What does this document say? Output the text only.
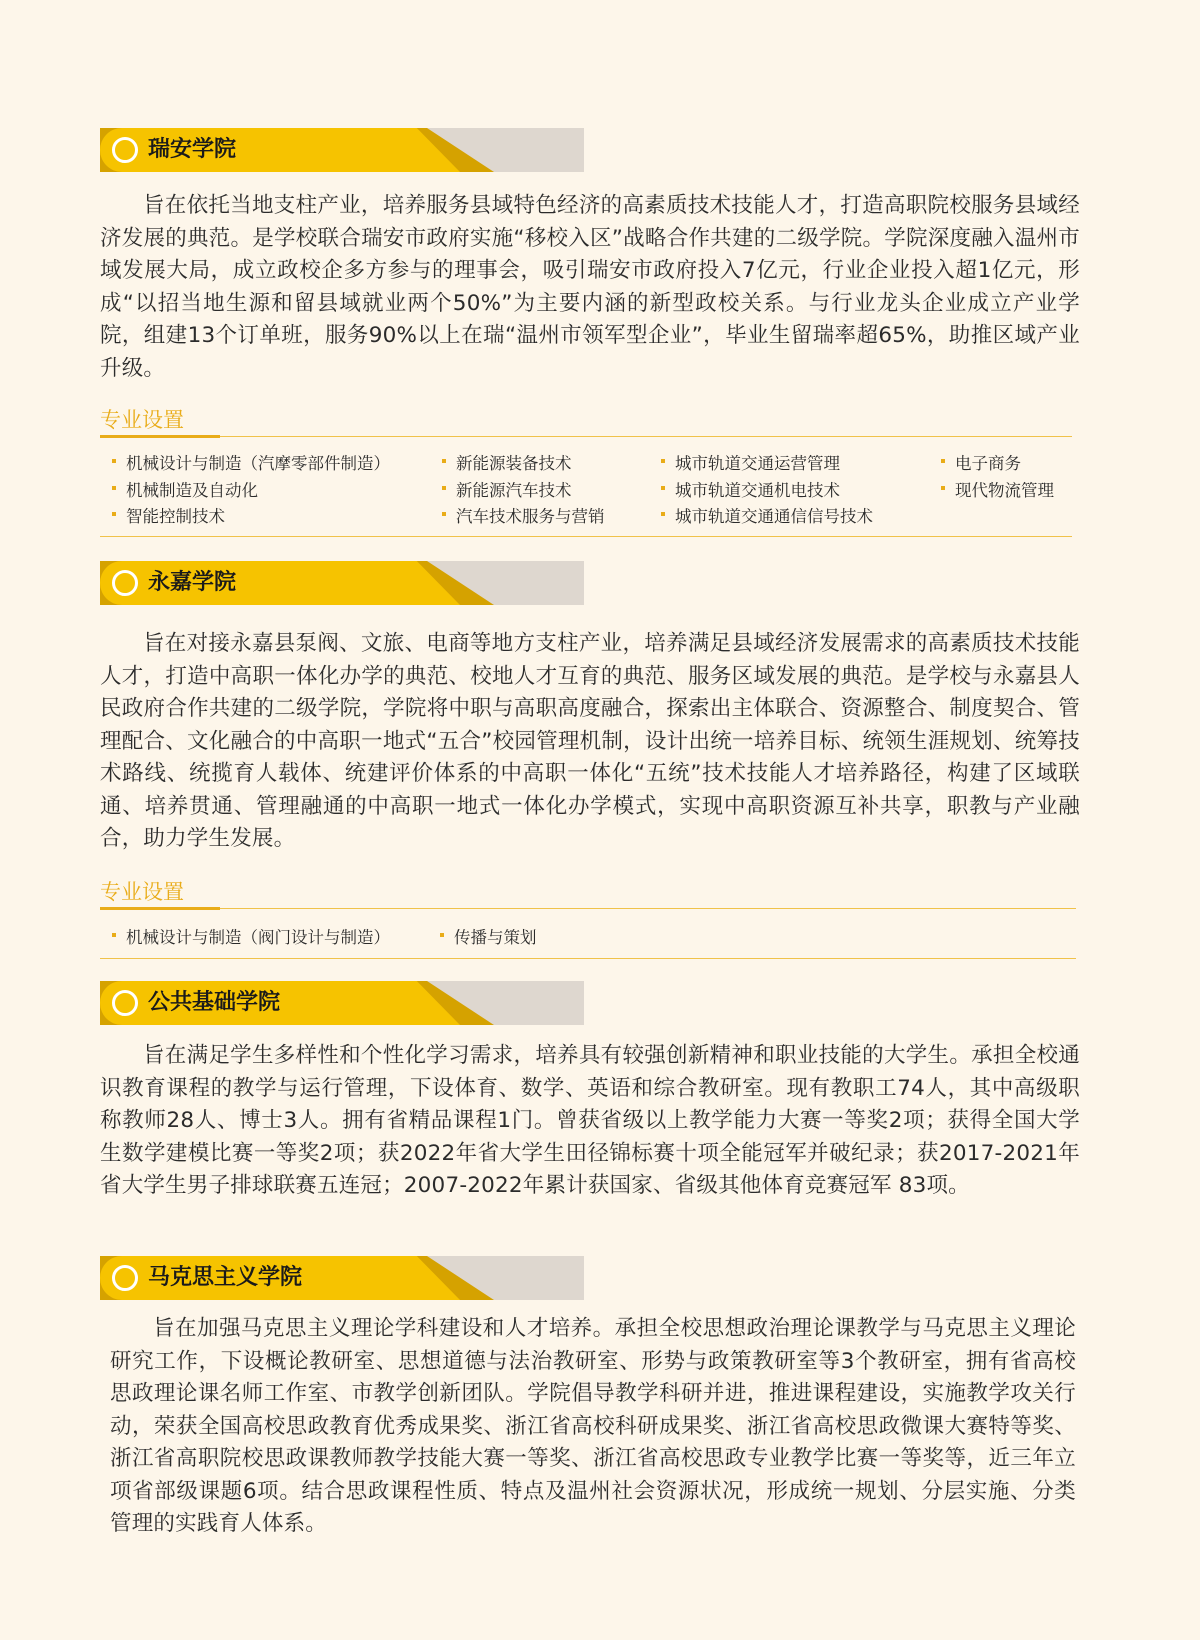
瑞安学院

旨在依托当地支柱产业，培养服务县域特色经济的高素质技术技能人才，打造高职院校服务县域经济发展的典范。是学校联合瑞安市政府实施“移校入区”战略合作共建的二级学院。学院深度融入温州市域发展大局，成立政校企多方参与的理事会，吸引瑞安市政府投入7亿元，行业企业投入超1亿元，形成“以招当地生源和留县域就业两个50%”为主要内涵的新型政校关系。与行业龙头企业成立产业学院，组建13个订单班，服务90%以上在瑞“温州市领军型企业”，毕业生留瑞率超65%，助推区域产业升级。

专业设置
机械设计与制造（汽摩零部件制造）
机械制造及自动化
智能控制技术
新能源装备技术
新能源汽车技术
汽车技术服务与营销
城市轨道交通运营管理
城市轨道交通机电技术
城市轨道交通通信信号技术
电子商务
现代物流管理
永嘉学院

旨在对接永嘉县泵阀、文旅、电商等地方支柱产业，培养满足县域经济发展需求的高素质技术技能人才，打造中高职一体化办学的典范、校地人才互育的典范、服务区域发展的典范。是学校与永嘉县人民政府合作共建的二级学院，学院将中职与高职高度融合，探索出主体联合、资源整合、制度契合、管理配合、文化融合的中高职一地式“五合”校园管理机制，设计出统一培养目标、统领生涯规划、统筹技术路线、统揽育人载体、统建评价体系的中高职一体化“五统”技术技能人才培养路径，构建了区域联通、培养贯通、管理融通的中高职一地式一体化办学模式，实现中高职资源互补共享，职教与产业融合，助力学生发展。

专业设置
机械设计与制造（阀门设计与制造）	传播与策划
公共基础学院

旨在满足学生多样性和个性化学习需求，培养具有较强创新精神和职业技能的大学生。承担全校通识教育课程的教学与运行管理，下设体育、数学、英语和综合教研室。现有教职工74人，其中高级职称教师28人、博士3人。拥有省精品课程1门。曾获省级以上教学能力大赛一等奖2项；获得全国大学生数学建模比赛一等奖2项；获2022年省大学生田径锦标赛十项全能冠军并破纪录；获2017-2021年省大学生男子排球联赛五连冠；2007-2022年累计获国家、省级其他体育竞赛冠军 83项。

马克思主义学院

旨在加强马克思主义理论学科建设和人才培养。承担全校思想政治理论课教学与马克思主义理论研究工作，下设概论教研室、思想道德与法治教研室、形势与政策教研室等3个教研室，拥有省高校思政理论课名师工作室、市教学创新团队。学院倡导教学科研并进，推进课程建设，实施教学攻关行动，荣获全国高校思政教育优秀成果奖、浙江省高校科研成果奖、浙江省高校思政微课大赛特等奖、浙江省高职院校思政课教师教学技能大赛一等奖、浙江省高校思政专业教学比赛一等奖等，近三年立项省部级课题6项。结合思政课程性质、特点及温州社会资源状况，形成统一规划、分层实施、分类管理的实践育人体系。
